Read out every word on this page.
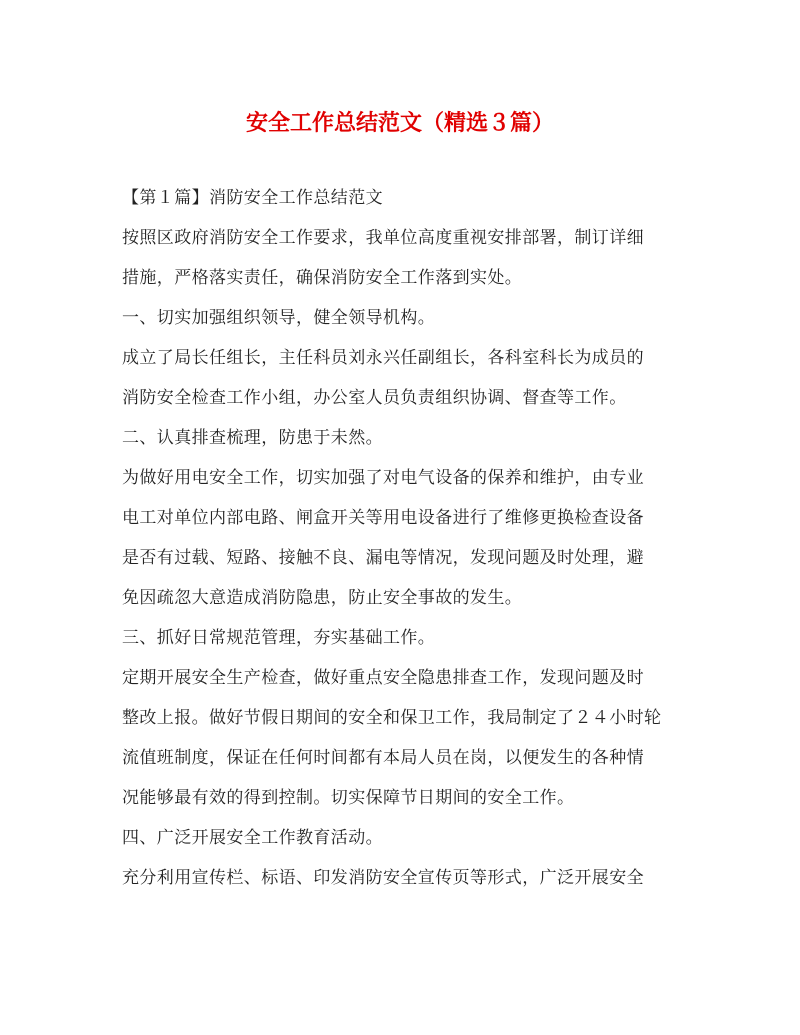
安全工作总结范文（精选３篇）

【第１篇】消防安全工作总结范文

按照区政府消防安全工作要求，我单位高度重视安排部署，制订详细

措施，严格落实责任，确保消防安全工作落到实处。

一、切实加强组织领导，健全领导机构。

成立了局长任组长，主任科员刘永兴任副组长，各科室科长为成员的

消防安全检查工作小组，办公室人员负责组织协调、督查等工作。

二、认真排查梳理，防患于未然。

为做好用电安全工作，切实加强了对电气设备的保养和维护，由专业

电工对单位内部电路、闸盒开关等用电设备进行了维修更换检查设备

是否有过载、短路、接触不良、漏电等情况，发现问题及时处理，避

免因疏忽大意造成消防隐患，防止安全事故的发生。

三、抓好日常规范管理，夯实基础工作。

定期开展安全生产检查，做好重点安全隐患排查工作，发现问题及时

整改上报。做好节假日期间的安全和保卫工作，我局制定了２４小时轮

流值班制度，保证在任何时间都有本局人员在岗，以便发生的各种情

况能够最有效的得到控制。切实保障节日期间的安全工作。

四、广泛开展安全工作教育活动。

充分利用宣传栏、标语、印发消防安全宣传页等形式，广泛开展安全
